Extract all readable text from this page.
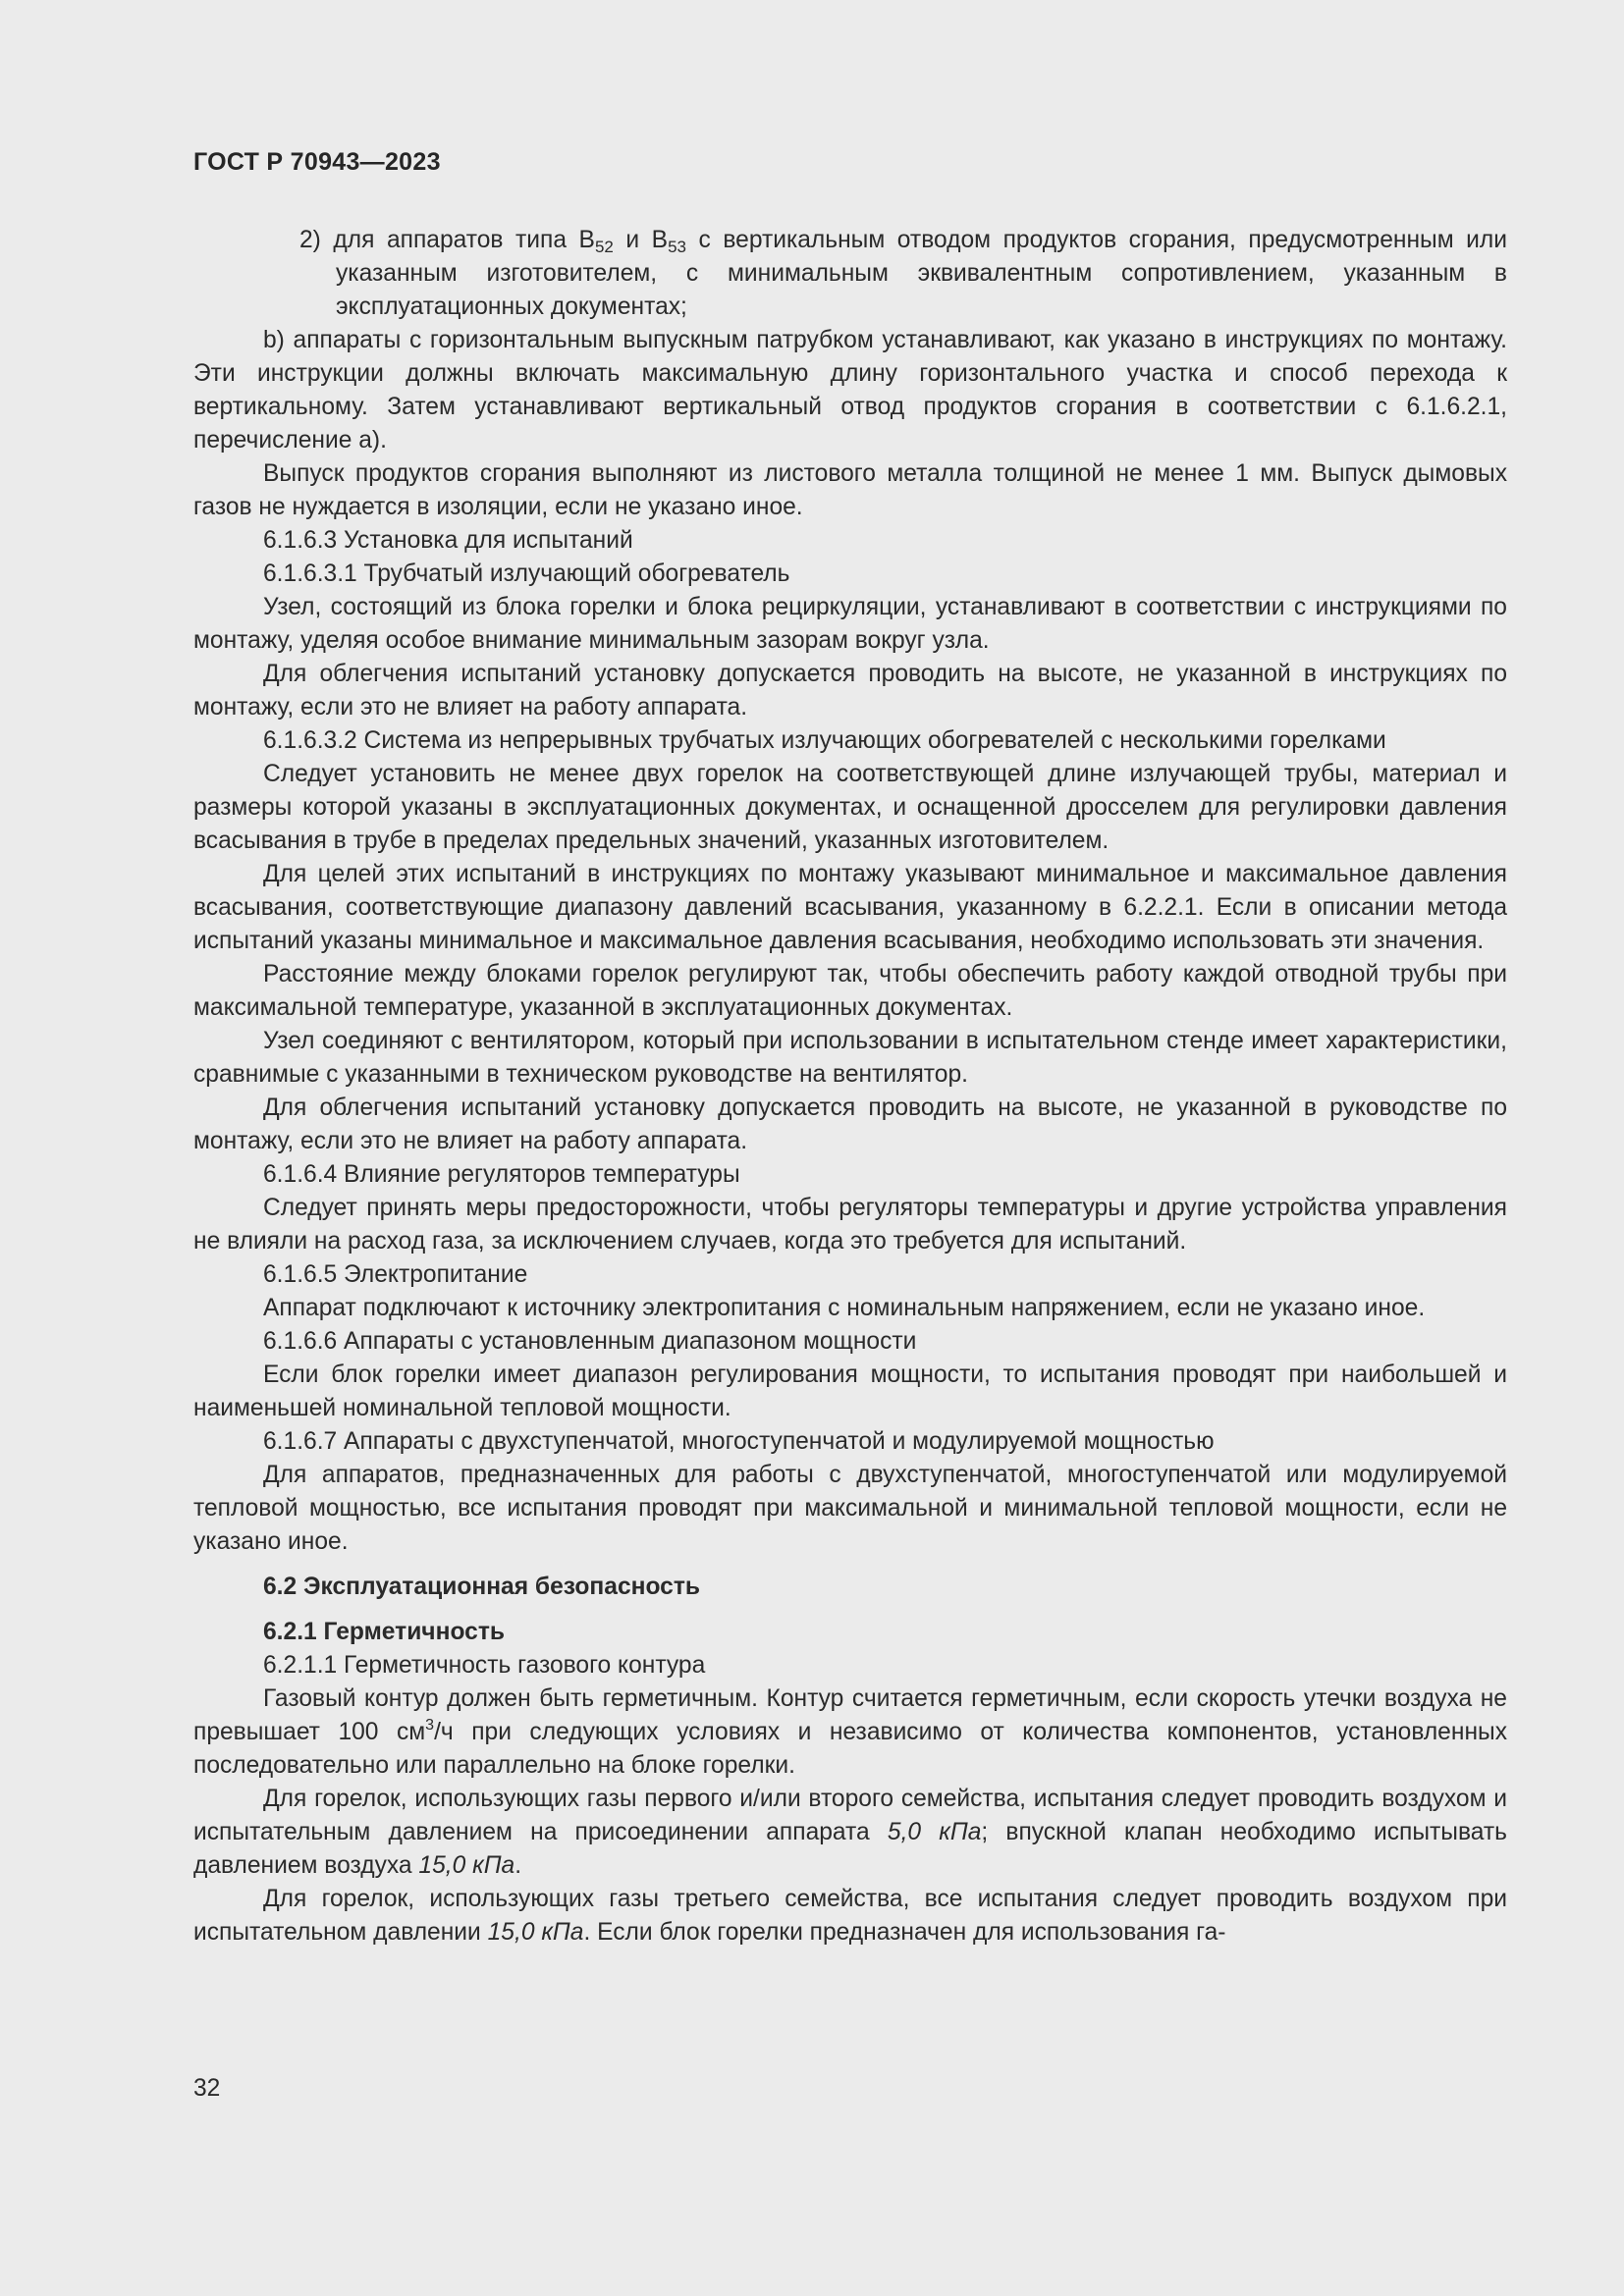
ГОСТ Р 70943—2023

2) для аппаратов типа $B_{52}$ и $B_{53}$ с вертикальным отводом продуктов сгорания, предусмотренным или указанным изготовителем, с минимальным эквивалентным сопротивлением, указанным в эксплуатационных документах;

b) аппараты с горизонтальным выпускным патрубком устанавливают, как указано в инструкциях по монтажу. Эти инструкции должны включать максимальную длину горизонтального участка и способ перехода к вертикальному. Затем устанавливают вертикальный отвод продуктов сгорания в соответствии с 6.1.6.2.1, перечисление а).

Выпуск продуктов сгорания выполняют из листового металла толщиной не менее 1 мм. Выпуск дымовых газов не нуждается в изоляции, если не указано иное.

6.1.6.3 Установка для испытаний

6.1.6.3.1 Трубчатый излучающий обогреватель

Узел, состоящий из блока горелки и блока рециркуляции, устанавливают в соответствии с инструкциями по монтажу, уделяя особое внимание минимальным зазорам вокруг узла.

Для облегчения испытаний установку допускается проводить на высоте, не указанной в инструкциях по монтажу, если это не влияет на работу аппарата.

6.1.6.3.2 Система из непрерывных трубчатых излучающих обогревателей с несколькими горелками

Следует установить не менее двух горелок на соответствующей длине излучающей трубы, материал и размеры которой указаны в эксплуатационных документах, и оснащенной дросселем для регулировки давления всасывания в трубе в пределах предельных значений, указанных изготовителем.

Для целей этих испытаний в инструкциях по монтажу указывают минимальное и максимальное давления всасывания, соответствующие диапазону давлений всасывания, указанному в 6.2.2.1. Если в описании метода испытаний указаны минимальное и максимальное давления всасывания, необходимо использовать эти значения.

Расстояние между блоками горелок регулируют так, чтобы обеспечить работу каждой отводной трубы при максимальной температуре, указанной в эксплуатационных документах.

Узел соединяют с вентилятором, который при использовании в испытательном стенде имеет характеристики, сравнимые с указанными в техническом руководстве на вентилятор.

Для облегчения испытаний установку допускается проводить на высоте, не указанной в руководстве по монтажу, если это не влияет на работу аппарата.

6.1.6.4 Влияние регуляторов температуры

Следует принять меры предосторожности, чтобы регуляторы температуры и другие устройства управления не влияли на расход газа, за исключением случаев, когда это требуется для испытаний.

6.1.6.5 Электропитание

Аппарат подключают к источнику электропитания с номинальным напряжением, если не указано иное.

6.1.6.6 Аппараты с установленным диапазоном мощности

Если блок горелки имеет диапазон регулирования мощности, то испытания проводят при наибольшей и наименьшей номинальной тепловой мощности.

6.1.6.7 Аппараты с двухступенчатой, многоступенчатой и модулируемой мощностью

Для аппаратов, предназначенных для работы с двухступенчатой, многоступенчатой или модулируемой тепловой мощностью, все испытания проводят при максимальной и минимальной тепловой мощности, если не указано иное.

6.2 Эксплуатационная безопасность

6.2.1 Герметичность

6.2.1.1 Герметичность газового контура

Газовый контур должен быть герметичным. Контур считается герметичным, если скорость утечки воздуха не превышает 100 $см^3/ч$ при следующих условиях и независимо от количества компонентов, установленных последовательно или параллельно на блоке горелки.

Для горелок, использующих газы первого и/или второго семейства, испытания следует проводить воздухом и испытательным давлением на присоединении аппарата 5,0 кПа; впускной клапан необходимо испытывать давлением воздуха 15,0 кПа.

Для горелок, использующих газы третьего семейства, все испытания следует проводить воздухом при испытательном давлении 15,0 кПа. Если блок горелки предназначен для использования га-

32
